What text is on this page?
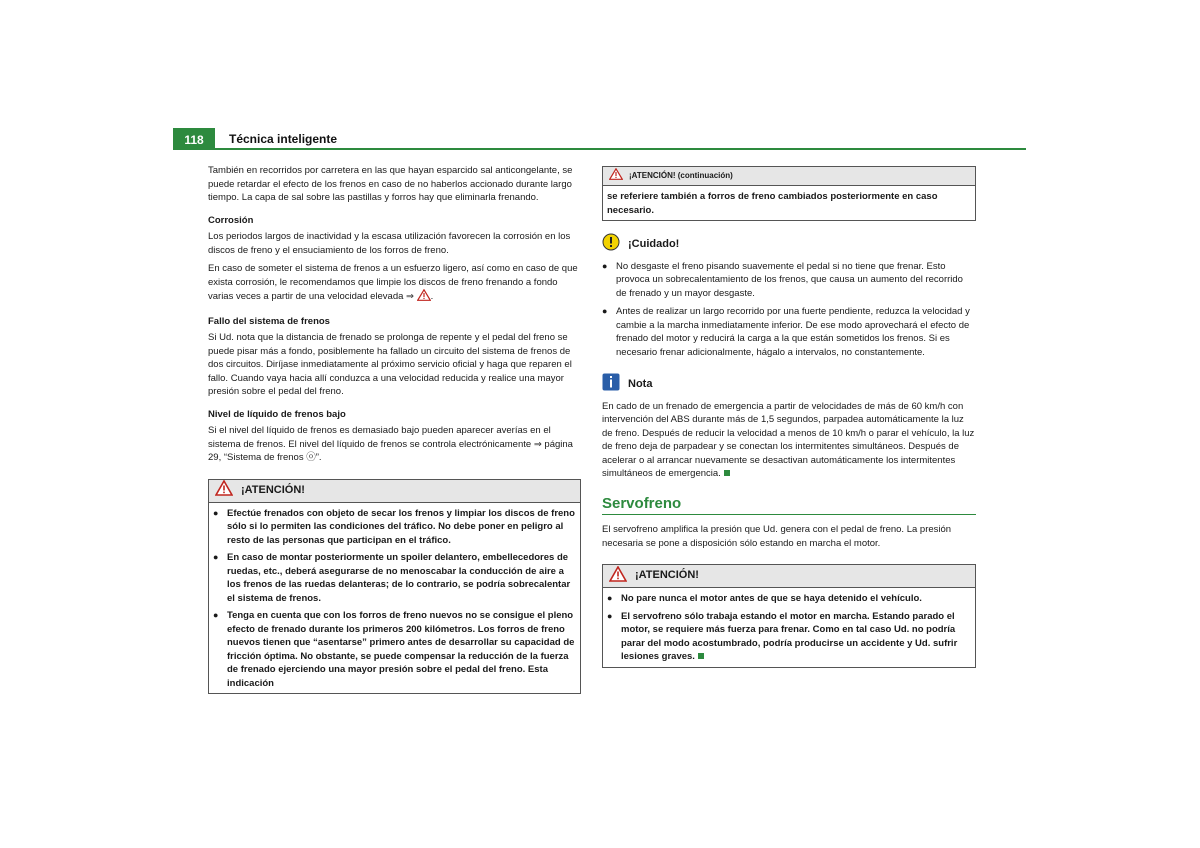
118	Técnica inteligente

También en recorridos por carretera en las que hayan esparcido sal anticongelante, se puede retardar el efecto de los frenos en caso de no haberlos accionado durante largo tiempo. La capa de sal sobre las pastillas y forros hay que eliminarla frenando.

Corrosión

Los periodos largos de inactividad y la escasa utilización favorecen la corrosión en los discos de freno y el ensuciamiento de los forros de freno.

En caso de someter el sistema de frenos a un esfuerzo ligero, así como en caso de que exista corrosión, le recomendamos que limpie los discos de freno frenando a fondo varias veces a partir de una velocidad elevada ⇒ .

Fallo del sistema de frenos

Si Ud. nota que la distancia de frenado se prolonga de repente y el pedal del freno se puede pisar más a fondo, posiblemente ha fallado un circuito del sistema de frenos de dos circuitos. Diríjase inmediatamente al próximo servicio oficial y haga que reparen el fallo. Cuando vaya hacia allí conduzca a una velocidad reducida y realice una mayor presión sobre el pedal del freno.

Nivel de líquido de frenos bajo

Si el nivel del líquido de frenos es demasiado bajo pueden aparecer averías en el sistema de frenos. El nivel del líquido de frenos se controla electrónicamente ⇒ página 29, “Sistema de frenos ⓞ”.

¡ATENCIÓN!
● Efectúe frenados con objeto de secar los frenos y limpiar los discos de freno sólo si lo permiten las condiciones del tráfico. No debe poner en peligro al resto de las personas que participan en el tráfico.
● En caso de montar posteriormente un spoiler delantero, embellecedores de ruedas, etc., deberá asegurarse de no menoscabar la conducción de aire a los frenos de las ruedas delanteras; de lo contrario, se podría sobrecalentar el sistema de frenos.
● Tenga en cuenta que con los forros de freno nuevos no se consigue el pleno efecto de frenado durante los primeros 200 kilómetros. Los forros de freno nuevos tienen que “asentarse” primero antes de desarrollar su capacidad de fricción óptima. No obstante, se puede compensar la reducción de la fuerza de frenado ejerciendo una mayor presión sobre el pedal del freno. Esta indicación
¡ATENCIÓN! (continuación)
se referiere también a forros de freno cambiados posteriormente en caso necesario.
¡Cuidado!
● No desgaste el freno pisando suavemente el pedal si no tiene que frenar. Esto provoca un sobrecalentamiento de los frenos, que causa un aumento del recorrido de frenado y un mayor desgaste.
● Antes de realizar un largo recorrido por una fuerte pendiente, reduzca la velocidad y cambie a la marcha inmediatamente inferior. De ese modo aprovechará el efecto de frenado del motor y reducirá la carga a la que están sometidos los frenos. Si es necesario frenar adicionalmente, hágalo a intervalos, no constantemente.
Nota

En cado de un frenado de emergencia a partir de velocidades de más de 60 km/h con intervención del ABS durante más de 1,5 segundos, parpadea automáticamente la luz de freno. Después de reducir la velocidad a menos de 10 km/h o parar el vehículo, la luz de freno deja de parpadear y se conectan los intermitentes simultáneos. Después de acelerar o al arrancar nuevamente se desactivan automáticamente los intermitentes simultáneos de emergencia.

Servofreno

El servofreno amplifica la presión que Ud. genera con el pedal de freno. La presión necesaria se pone a disposición sólo estando en marcha el motor.

¡ATENCIÓN!
● No pare nunca el motor antes de que se haya detenido el vehículo.
● El servofreno sólo trabaja estando el motor en marcha. Estando parado el motor, se requiere más fuerza para frenar. Como en tal caso Ud. no podría parar del modo acostumbrado, podría producirse un accidente y Ud. sufrir lesiones graves.
